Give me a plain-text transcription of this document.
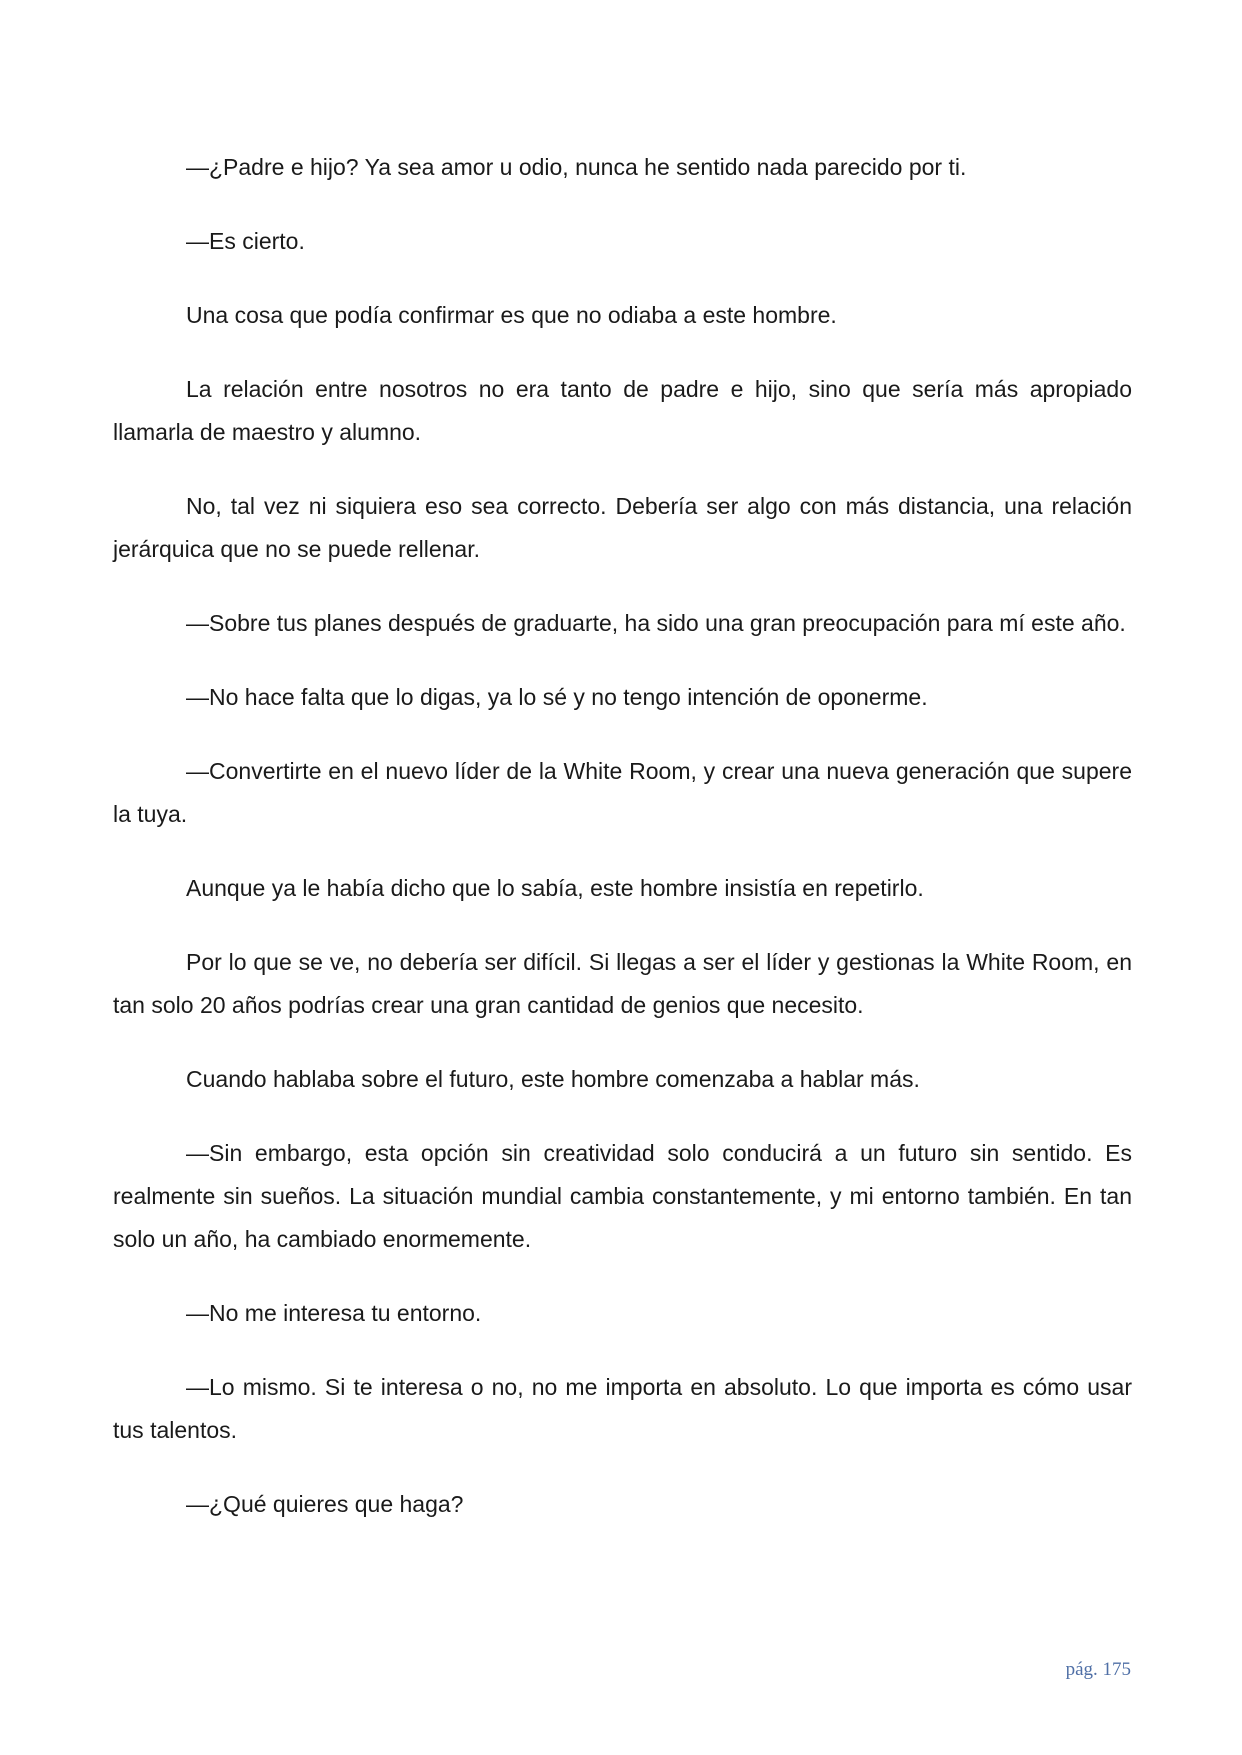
—¿Padre e hijo? Ya sea amor u odio, nunca he sentido nada parecido por ti.

—Es cierto.

Una cosa que podía confirmar es que no odiaba a este hombre.

La relación entre nosotros no era tanto de padre e hijo, sino que sería más apropiado llamarla de maestro y alumno.

No, tal vez ni siquiera eso sea correcto. Debería ser algo con más distancia, una relación jerárquica que no se puede rellenar.

—Sobre tus planes después de graduarte, ha sido una gran preocupación para mí este año.

—No hace falta que lo digas, ya lo sé y no tengo intención de oponerme.

—Convertirte en el nuevo líder de la White Room, y crear una nueva generación que supere la tuya.

Aunque ya le había dicho que lo sabía, este hombre insistía en repetirlo.

Por lo que se ve, no debería ser difícil. Si llegas a ser el líder y gestionas la White Room, en tan solo 20 años podrías crear una gran cantidad de genios que necesito.

Cuando hablaba sobre el futuro, este hombre comenzaba a hablar más.

—Sin embargo, esta opción sin creatividad solo conducirá a un futuro sin sentido. Es realmente sin sueños. La situación mundial cambia constantemente, y mi entorno también. En tan solo un año, ha cambiado enormemente.

—No me interesa tu entorno.

—Lo mismo. Si te interesa o no, no me importa en absoluto. Lo que importa es cómo usar tus talentos.

—¿Qué quieres que haga?

pág. 175
